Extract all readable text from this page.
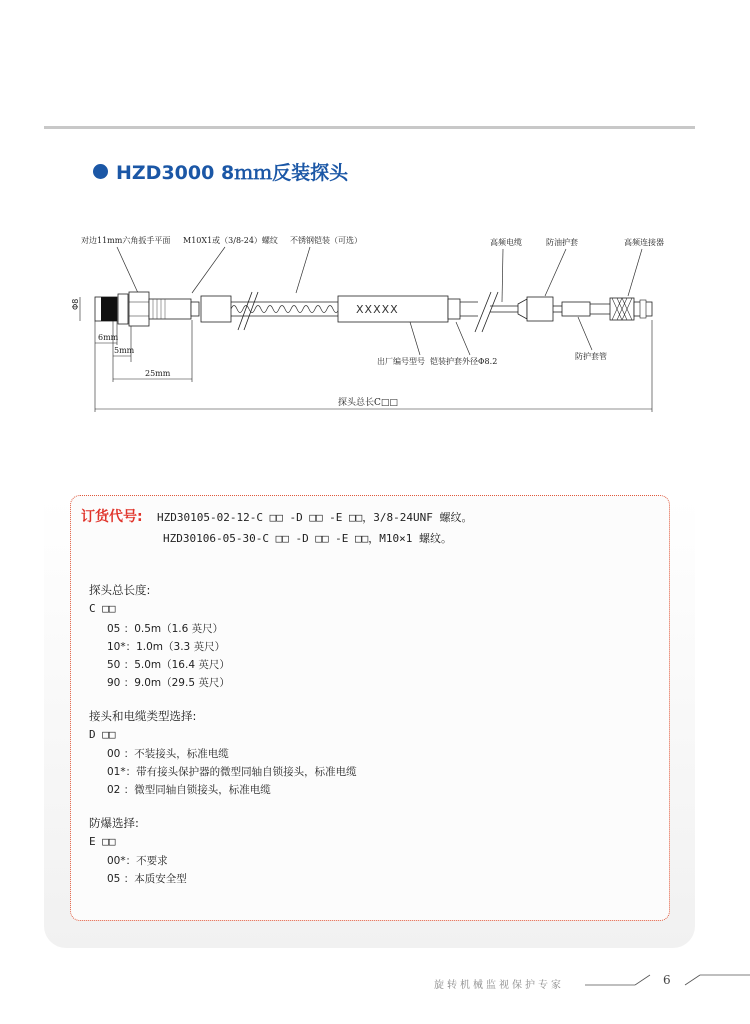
HZD3000 8ｍｍ反装探头
对边11mm六角扳手平面 M10X1或（3/8-24）螺纹 不锈钢铠装（可选）	高频电缆	防油护套	高频连接器
XXXXX
出厂编号型号 铠装护套外径Φ8.2
防护套管
Φ8
6mm
5mm
25mm
探头总长C□□
订货代号: HZD30105-02-12-C □□ -D □□ -E □□，3/8-24UNF 螺纹。
HZD30106-05-30-C □□ -D □□ -E □□，M10×1 螺纹。
探头总长度:
C □□
05 ：0.5m（1.6 英尺）
10*：1.0m（3.3 英尺）
50 ：5.0m（16.4 英尺）
90 ：9.0m（29.5 英尺）
接头和电缆类型选择:
D □□
00 ：不装接头，标准电缆
01*：带有接头保护器的微型同轴自锁接头，标准电缆
02 ：微型同轴自锁接头，标准电缆
防爆选择:
E □□
00*：不要求
05 ：本质安全型
旋转机械监视保护专家	6
